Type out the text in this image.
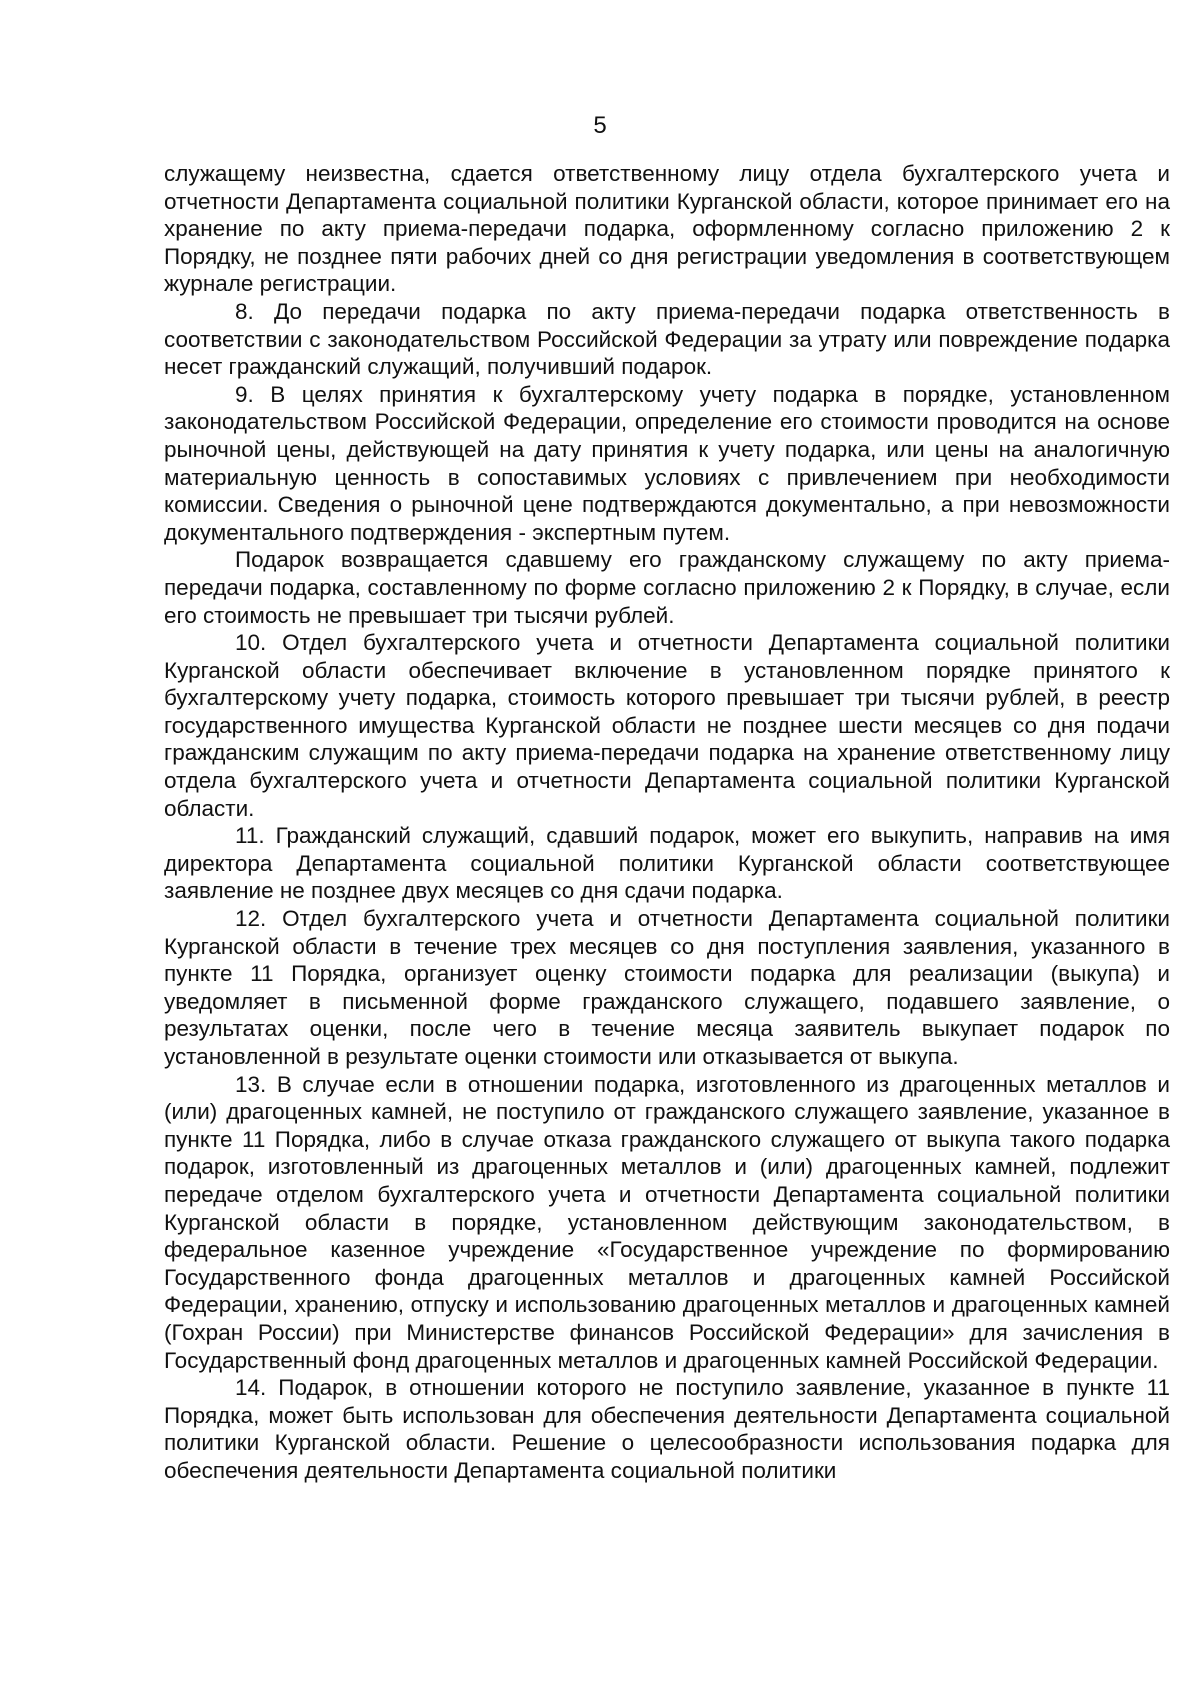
5

служащему неизвестна, сдается ответственному лицу отдела бухгалтерского учета и отчетности Департамента социальной политики Курганской области, которое принимает его на хранение по акту приема-передачи подарка, оформленному согласно приложению 2 к Порядку, не позднее пяти рабочих дней со дня регистрации уведомления в соответствующем журнале регистрации.

8. До передачи подарка по акту приема-передачи подарка ответственность в соответствии с законодательством Российской Федерации за утрату или повреждение подарка несет гражданский служащий, получивший подарок.

9. В целях принятия к бухгалтерскому учету подарка в порядке, установленном законодательством Российской Федерации, определение его стоимости проводится на основе рыночной цены, действующей на дату принятия к учету подарка, или цены на аналогичную материальную ценность в сопоставимых условиях с привлечением при необходимости комиссии. Сведения о рыночной цене подтверждаются документально, а при невозможности документального подтверждения - экспертным путем.

Подарок возвращается сдавшему его гражданскому служащему по акту приема-передачи подарка, составленному по форме согласно приложению 2 к Порядку, в случае, если его стоимость не превышает три тысячи рублей.

10. Отдел бухгалтерского учета и отчетности Департамента социальной политики Курганской области обеспечивает включение в установленном порядке принятого к бухгалтерскому учету подарка, стоимость которого превышает три тысячи рублей, в реестр государственного имущества Курганской области не позднее шести месяцев со дня подачи гражданским служащим по акту приема-передачи подарка на хранение ответственному лицу отдела бухгалтерского учета и отчетности Департамента социальной политики Курганской области.

11. Гражданский служащий, сдавший подарок, может его выкупить, направив на имя директора Департамента социальной политики Курганской области соответствующее заявление не позднее двух месяцев со дня сдачи подарка.

12. Отдел бухгалтерского учета и отчетности Департамента социальной политики Курганской области в течение трех месяцев со дня поступления заявления, указанного в пункте 11 Порядка, организует оценку стоимости подарка для реализации (выкупа) и уведомляет в письменной форме гражданского служащего, подавшего заявление, о результатах оценки, после чего в течение месяца заявитель выкупает подарок по установленной в результате оценки стоимости или отказывается от выкупа.

13. В случае если в отношении подарка, изготовленного из драгоценных металлов и (или) драгоценных камней, не поступило от гражданского служащего заявление, указанное в пункте 11 Порядка, либо в случае отказа гражданского служащего от выкупа такого подарка подарок, изготовленный из драгоценных металлов и (или) драгоценных камней, подлежит передаче отделом бухгалтерского учета и отчетности Департамента социальной политики Курганской области в порядке, установленном действующим законодательством, в федеральное казенное учреждение «Государственное учреждение по формированию Государственного фонда драгоценных металлов и драгоценных камней Российской Федерации, хранению, отпуску и использованию драгоценных металлов и драгоценных камней (Гохран России) при Министерстве финансов Российской Федерации» для зачисления в Государственный фонд драгоценных металлов и драгоценных камней Российской Федерации.

14. Подарок, в отношении которого не поступило заявление, указанное в пункте 11 Порядка, может быть использован для обеспечения деятельности Департамента социальной политики Курганской области. Решение о целесообразности использования подарка для обеспечения деятельности Департамента социальной политики
